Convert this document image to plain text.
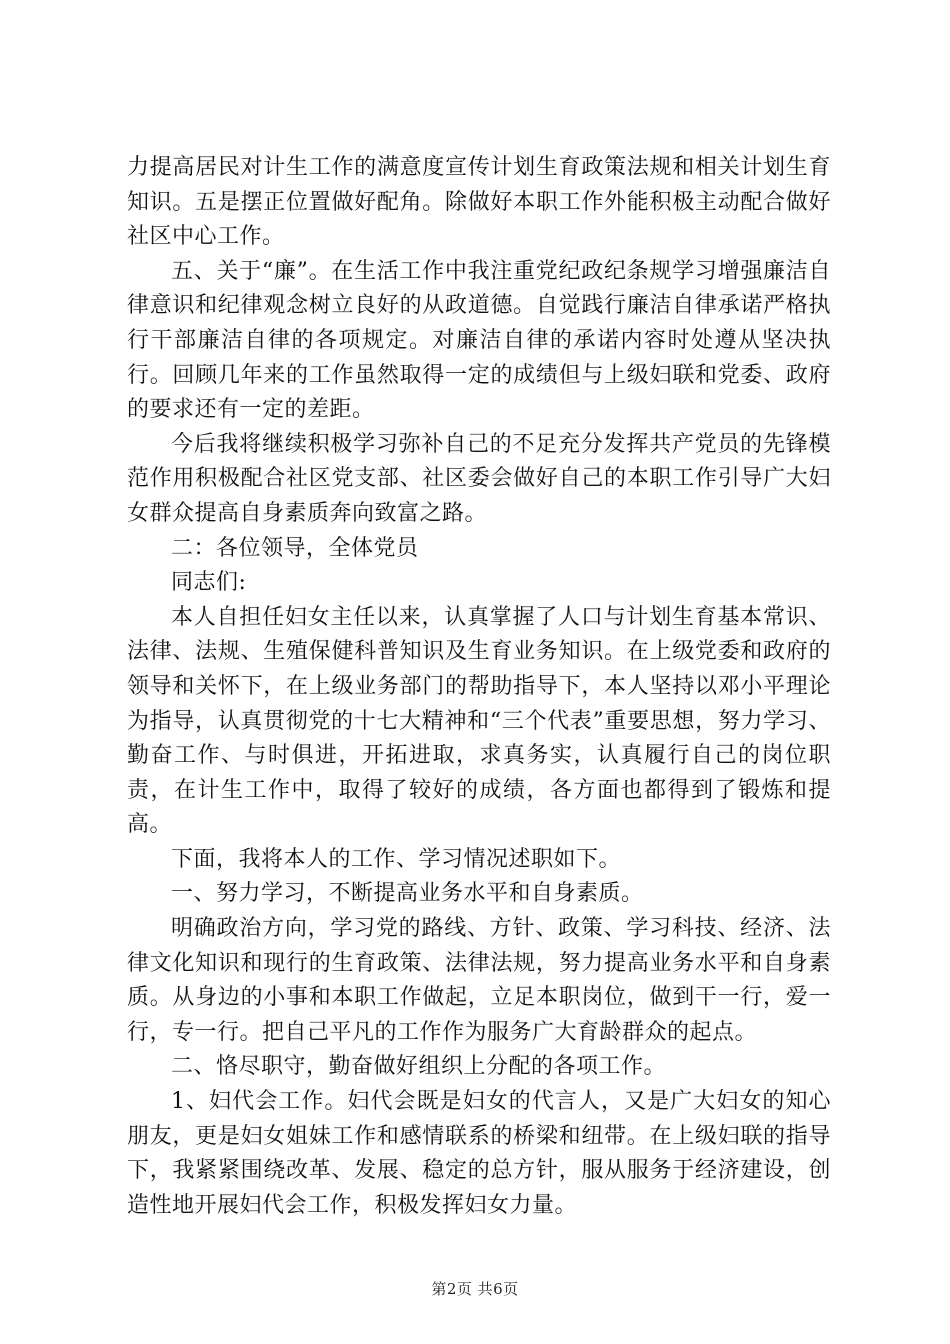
力提高居民对计生工作的满意度宣传计划生育政策法规和相关计划生育知识。五是摆正位置做好配角。除做好本职工作外能积极主动配合做好社区中心工作。

五、关于“廉”。在生活工作中我注重党纪政纪条规学习增强廉洁自律意识和纪律观念树立良好的从政道德。自觉践行廉洁自律承诺严格执行干部廉洁自律的各项规定。对廉洁自律的承诺内容时处遵从坚决执行。回顾几年来的工作虽然取得一定的成绩但与上级妇联和党委、政府的要求还有一定的差距。

今后我将继续积极学习弥补自己的不足充分发挥共产党员的先锋模范作用积极配合社区党支部、社区委会做好自己的本职工作引导广大妇女群众提高自身素质奔向致富之路。

二：各位领导，全体党员

同志们:

本人自担任妇女主任以来，认真掌握了人口与计划生育基本常识、法律、法规、生殖保健科普知识及生育业务知识。在上级党委和政府的领导和关怀下，在上级业务部门的帮助指导下，本人坚持以邓小平理论为指导，认真贯彻党的十七大精神和“三个代表”重要思想，努力学习、勤奋工作、与时俱进，开拓进取，求真务实，认真履行自己的岗位职责，在计生工作中，取得了较好的成绩，各方面也都得到了锻炼和提高。

下面，我将本人的工作、学习情况述职如下。

一、努力学习，不断提高业务水平和自身素质。

明确政治方向，学习党的路线、方针、政策、学习科技、经济、法律文化知识和现行的生育政策、法律法规，努力提高业务水平和自身素质。从身边的小事和本职工作做起，立足本职岗位，做到干一行，爱一行，专一行。把自己平凡的工作作为服务广大育龄群众的起点。

二、恪尽职守，勤奋做好组织上分配的各项工作。

1、妇代会工作。妇代会既是妇女的代言人，又是广大妇女的知心朋友，更是妇女姐妹工作和感情联系的桥梁和纽带。在上级妇联的指导下，我紧紧围绕改革、发展、稳定的总方针，服从服务于经济建设，创造性地开展妇代会工作，积极发挥妇女力量。

第2页 共6页
